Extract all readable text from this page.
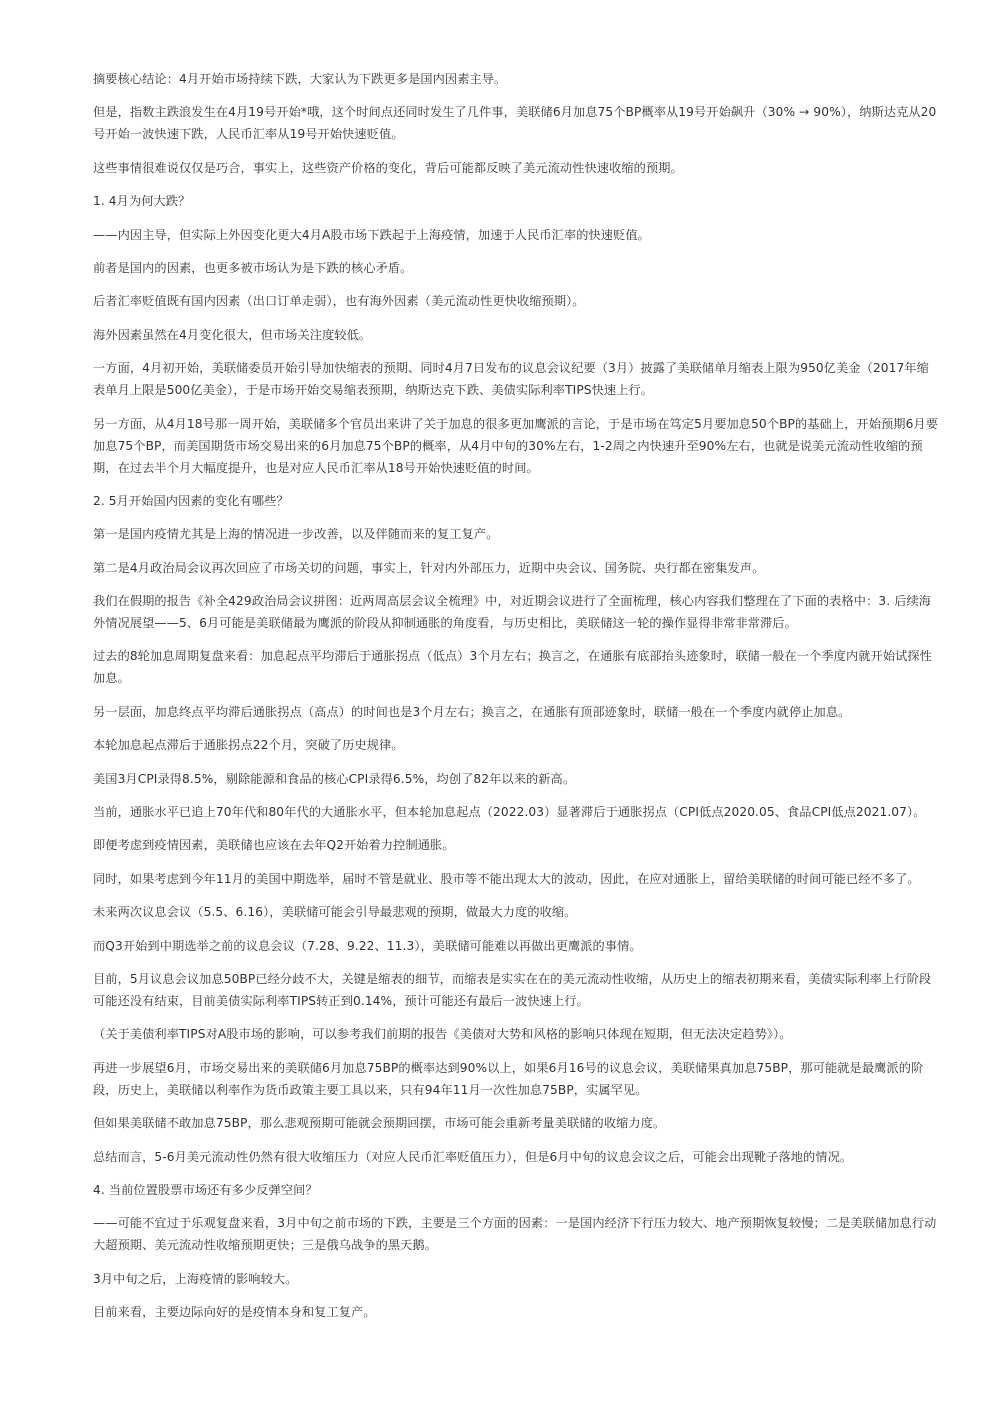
摘要核心结论：4月开始市场持续下跌，大家认为下跌更多是国内因素主导。

但是，指数主跌浪发生在4月19号开始*哦，这个时间点还同时发生了几件事，美联储6月加息75个BP概率从19号开始飙升（30% → 90%），纳斯达克从20号开始一波快速下跌，人民币汇率从19号开始快速贬值。

这些事情很难说仅仅是巧合，事实上，这些资产价格的变化，背后可能都反映了美元流动性快速收缩的预期。

1. 4月为何大跌？

——内因主导，但实际上外因变化更大4月A股市场下跌起于上海疫情，加速于人民币汇率的快速贬值。

前者是国内的因素，也更多被市场认为是下跌的核心矛盾。

后者汇率贬值既有国内因素（出口订单走弱），也有海外因素（美元流动性更快收缩预期）。

海外因素虽然在4月变化很大，但市场关注度较低。

一方面，4月初开始，美联储委员开始引导加快缩表的预期、同时4月7日发布的议息会议纪要（3月）披露了美联储单月缩表上限为950亿美金（2017年缩表单月上限是500亿美金），于是市场开始交易缩表预期，纳斯达克下跌、美债实际利率TIPS快速上行。

另一方面，从4月18号那一周开始，美联储多个官员出来讲了关于加息的很多更加鹰派的言论，于是市场在笃定5月要加息50个BP的基础上，开始预期6月要加息75个BP，而美国期货市场交易出来的6月加息75个BP的概率，从4月中旬的30%左右，1-2周之内快速升至90%左右，也就是说美元流动性收缩的预期，在过去半个月大幅度提升，也是对应人民币汇率从18号开始快速贬值的时间。

2. 5月开始国内因素的变化有哪些？

第一是国内疫情尤其是上海的情况进一步改善，以及伴随而来的复工复产。

第二是4月政治局会议再次回应了市场关切的问题，事实上，针对内外部压力，近期中央会议、国务院、央行都在密集发声。

我们在假期的报告《补全429政治局会议拼图：近两周高层会议全梳理》中，对近期会议进行了全面梳理，核心内容我们整理在了下面的表格中：3. 后续海外情况展望——5、6月可能是美联储最为鹰派的阶段从抑制通胀的角度看，与历史相比，美联储这一轮的操作显得非常非常滞后。

过去的8轮加息周期复盘来看：加息起点平均滞后于通胀拐点（低点）3个月左右；换言之，在通胀有底部抬头迹象时，联储一般在一个季度内就开始试探性加息。

另一层面，加息终点平均滞后通胀拐点（高点）的时间也是3个月左右；换言之，在通胀有顶部迹象时，联储一般在一个季度内就停止加息。

本轮加息起点滞后于通胀拐点22个月，突破了历史规律。

美国3月CPI录得8.5%，剔除能源和食品的核心CPI录得6.5%，均创了82年以来的新高。

当前，通胀水平已追上70年代和80年代的大通胀水平，但本轮加息起点（2022.03）显著滞后于通胀拐点（CPI低点2020.05、食品CPI低点2021.07）。

即便考虑到疫情因素，美联储也应该在去年Q2开始着力控制通胀。

同时，如果考虑到今年11月的美国中期选举，届时不管是就业、股市等不能出现太大的波动，因此，在应对通胀上，留给美联储的时间可能已经不多了。

未来两次议息会议（5.5、6.16），美联储可能会引导最悲观的预期，做最大力度的收缩。

而Q3开始到中期选举之前的议息会议（7.28、9.22、11.3），美联储可能难以再做出更鹰派的事情。

目前，5月议息会议加息50BP已经分歧不大，关键是缩表的细节，而缩表是实实在在的美元流动性收缩，从历史上的缩表初期来看，美债实际利率上行阶段可能还没有结束，目前美债实际利率TIPS转正到0.14%，预计可能还有最后一波快速上行。

（关于美债利率TIPS对A股市场的影响，可以参考我们前期的报告《美债对大势和风格的影响只体现在短期，但无法决定趋势》）。

再进一步展望6月，市场交易出来的美联储6月加息75BP的概率达到90%以上，如果6月16号的议息会议，美联储果真加息75BP，那可能就是最鹰派的阶段，历史上，美联储以利率作为货币政策主要工具以来，只有94年11月一次性加息75BP，实属罕见。

但如果美联储不敢加息75BP，那么悲观预期可能就会预期回摆，市场可能会重新考量美联储的收缩力度。

总结而言，5-6月美元流动性仍然有很大收缩压力（对应人民币汇率贬值压力），但是6月中旬的议息会议之后，可能会出现靴子落地的情况。

4. 当前位置股票市场还有多少反弹空间？

——可能不宜过于乐观复盘来看，3月中旬之前市场的下跌，主要是三个方面的因素：一是国内经济下行压力较大、地产预期恢复较慢；二是美联储加息行动大超预期、美元流动性收缩预期更快；三是俄乌战争的黑天鹅。

3月中旬之后，上海疫情的影响较大。

目前来看，主要边际向好的是疫情本身和复工复产。
